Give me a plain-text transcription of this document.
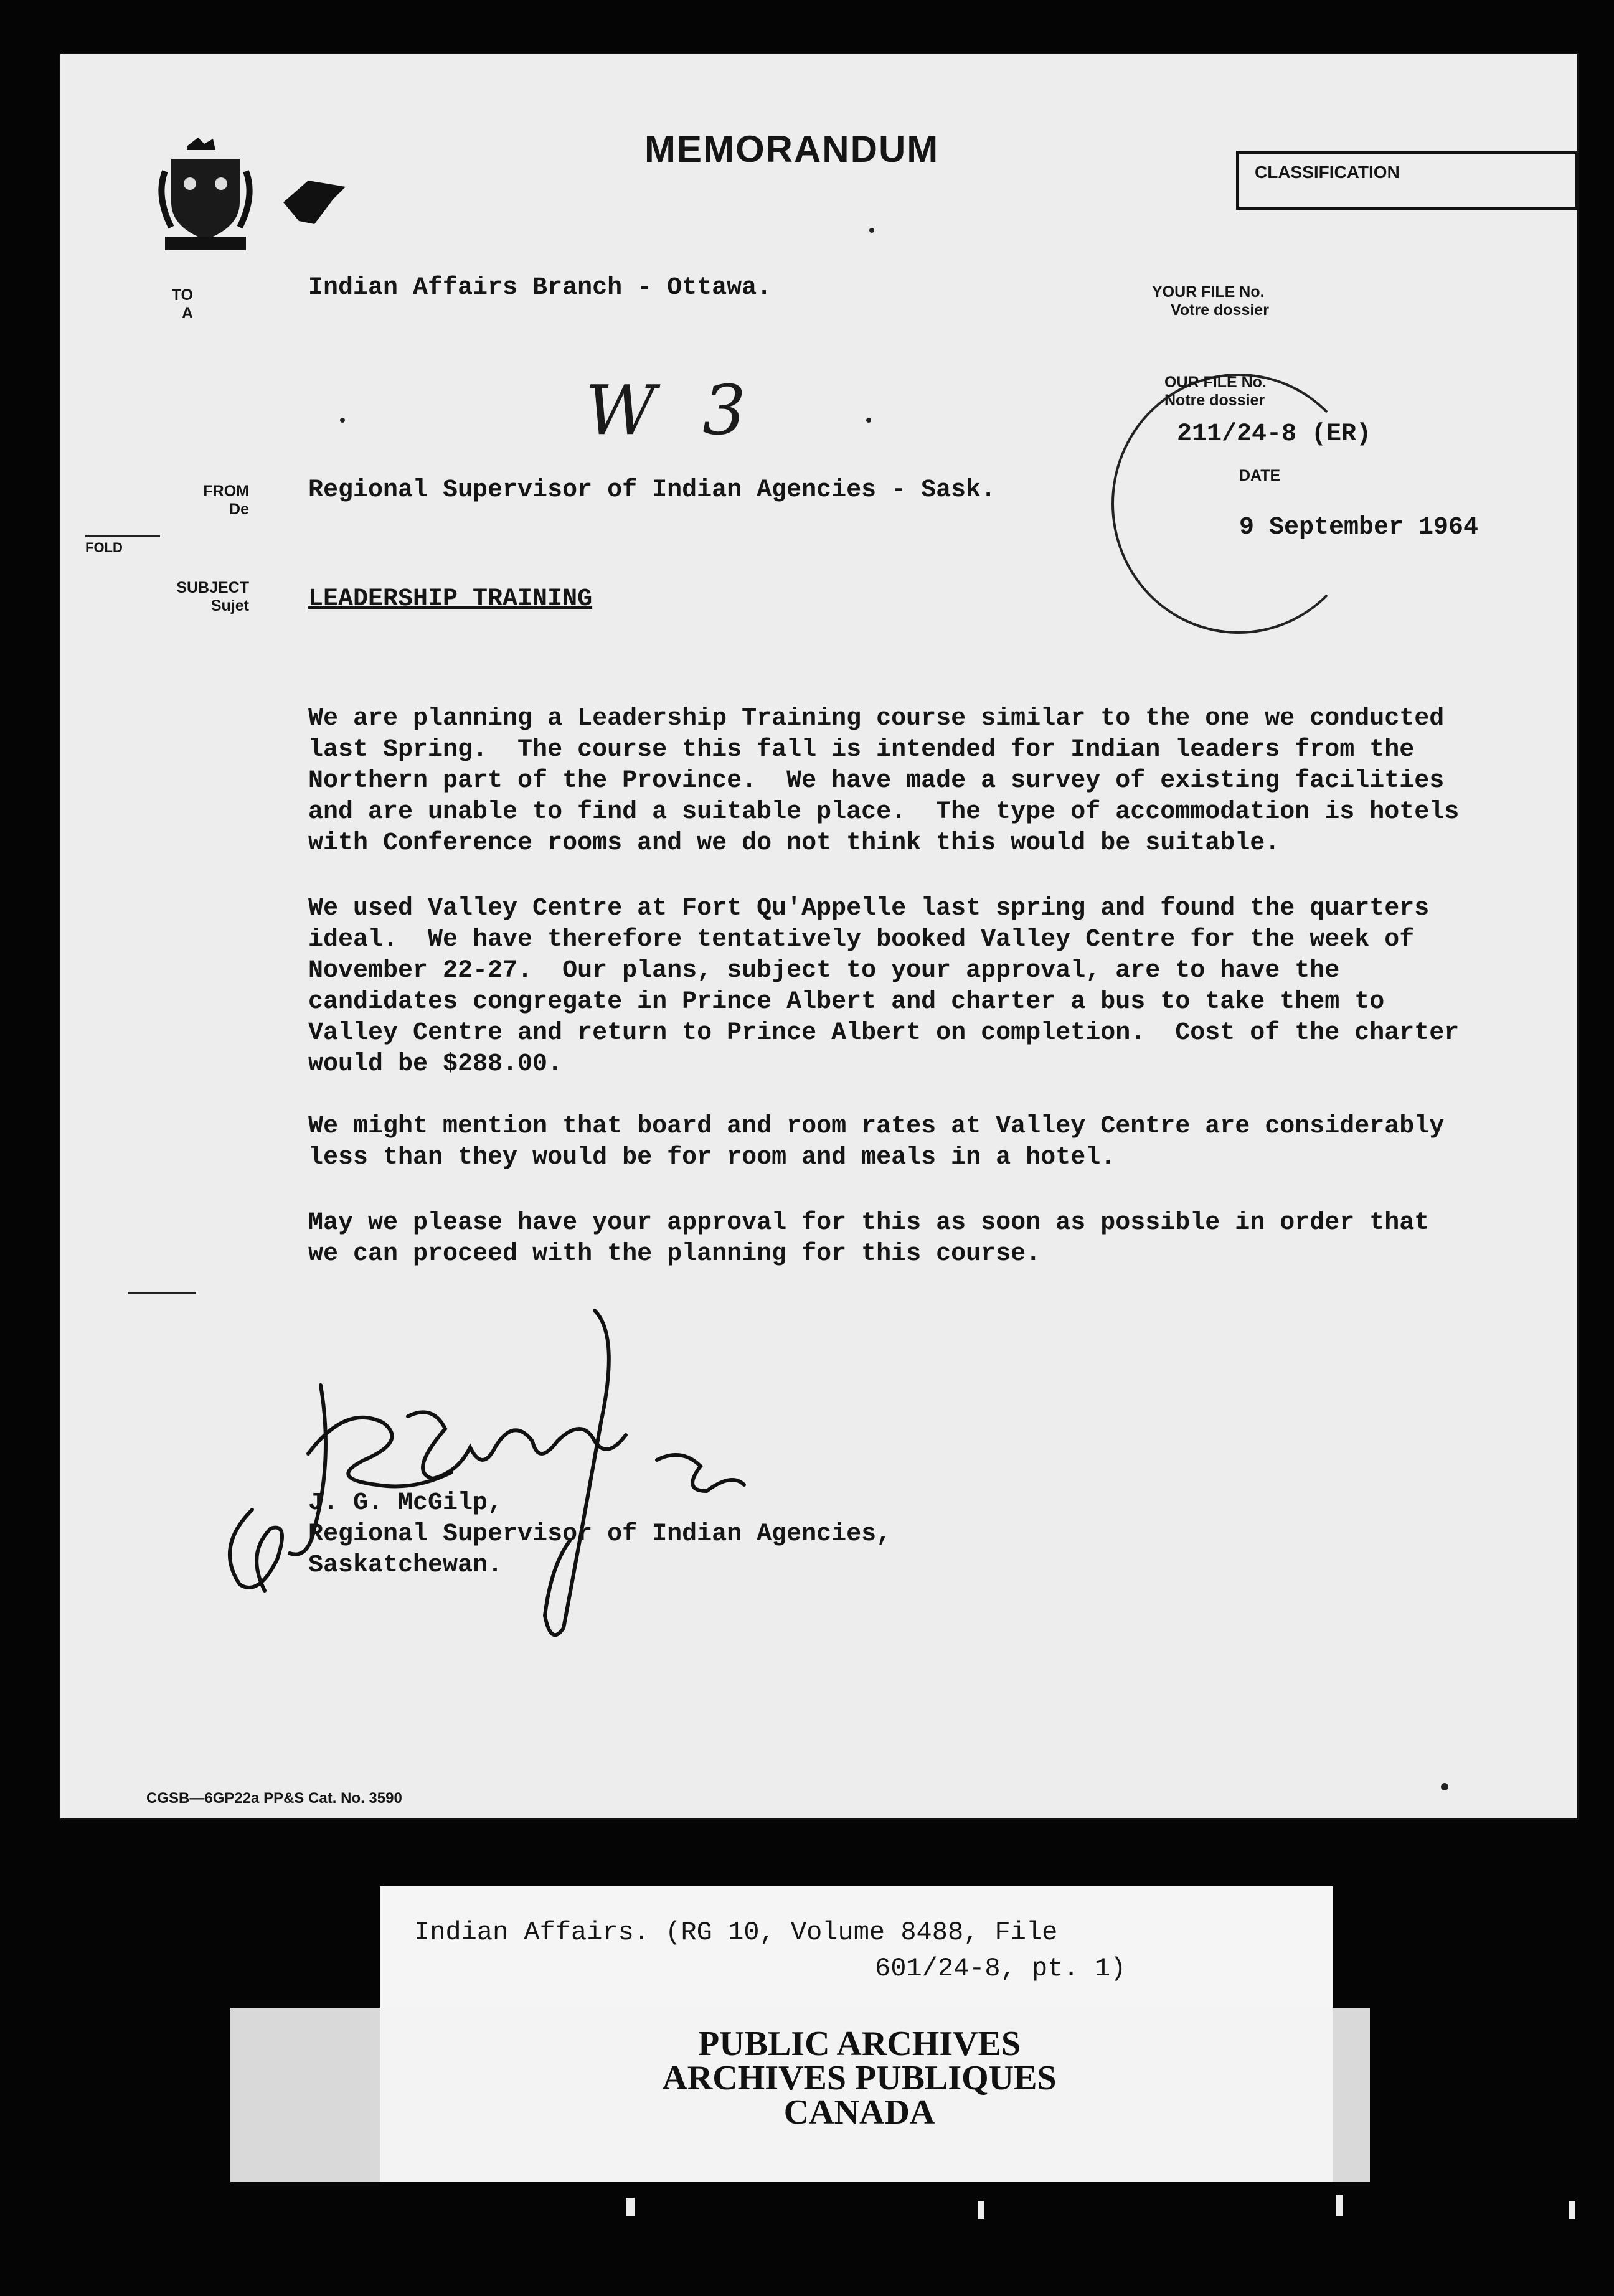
MEMORANDUM
CLASSIFICATION
TO
A
Indian Affairs Branch - Ottawa.
W 3
YOUR FILE No.
Votre dossier
OUR FILE No.
Notre dossier
211/24-8 (ER)
DATE
9 September 1964
FROM
De
Regional Supervisor of Indian Agencies - Sask.
FOLD
SUBJECT
Sujet LEADERSHIP TRAINING
We are planning a Leadership Training course similar to the one we conducted
last Spring.  The course this fall is intended for Indian leaders from the
Northern part of the Province.  We have made a survey of existing facilities
and are unable to find a suitable place.  The type of accommodation is hotels
with Conference rooms and we do not think this would be suitable.
We used Valley Centre at Fort Qu'Appelle last spring and found the quarters
ideal.  We have therefore tentatively booked Valley Centre for the week of
November 22-27.  Our plans, subject to your approval, are to have the
candidates congregate in Prince Albert and charter a bus to take them to
Valley Centre and return to Prince Albert on completion.  Cost of the charter
would be $288.00.
We might mention that board and room rates at Valley Centre are considerably
less than they would be for room and meals in a hotel.
May we please have your approval for this as soon as possible in order that
we can proceed with the planning for this course.
J. G. McGilp,
Regional Supervisor of Indian Agencies,
Saskatchewan.
CGSB—6GP22a PP&S Cat. No. 3590
Indian Affairs. (RG 10, Volume 8488, File
601/24-8, pt. 1)
PUBLIC ARCHIVES
ARCHIVES PUBLIQUES
CANADA
